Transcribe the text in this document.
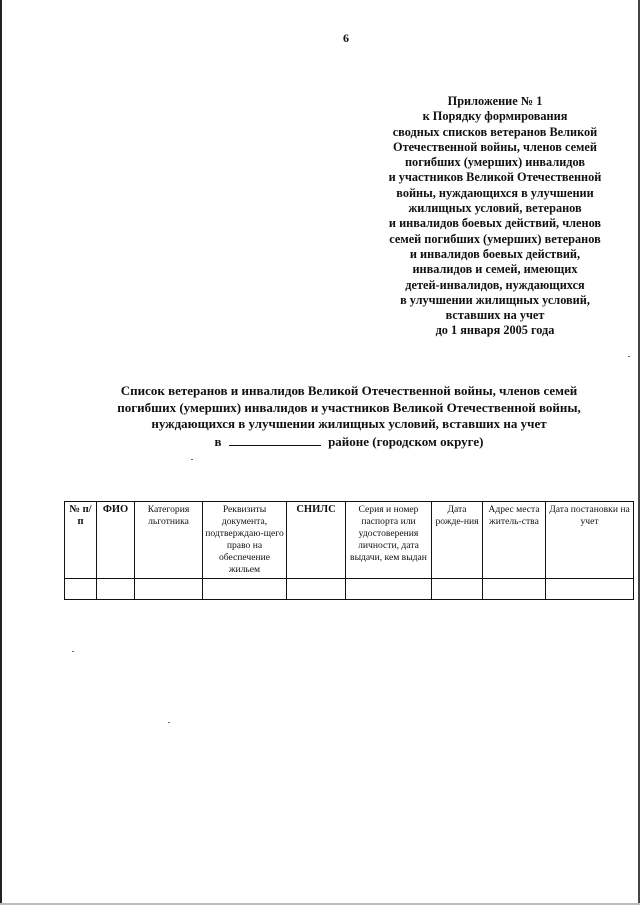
6
Приложение № 1
к Порядку формирования
сводных списков ветеранов Великой
Отечественной войны, членов семей
погибших (умерших) инвалидов
и участников Великой Отечественной
войны, нуждающихся в улучшении
жилищных условий, ветеранов
и инвалидов боевых действий, членов
семей погибших (умерших) ветеранов
и инвалидов боевых действий,
инвалидов и семей, имеющих
детей-инвалидов, нуждающихся
в улучшении жилищных условий,
вставших на учет
до 1 января 2005 года
Список ветеранов и инвалидов Великой Отечественной войны, членов семей
погибших (умерших) инвалидов и участников Великой Отечественной войны,
нуждающихся в улучшении жилищных условий, вставших на учет
в	районе (городском округе)
№ п/п	ФИО	Категория льготника	Реквизиты документа, подтверждаю-щего право на обеспечение жильем	СНИЛС	Серия и номер паспорта или удостоверения личности, дата выдачи, кем выдан	Дата рожде-ния	Адрес места житель-ства	Дата постановки на учет
